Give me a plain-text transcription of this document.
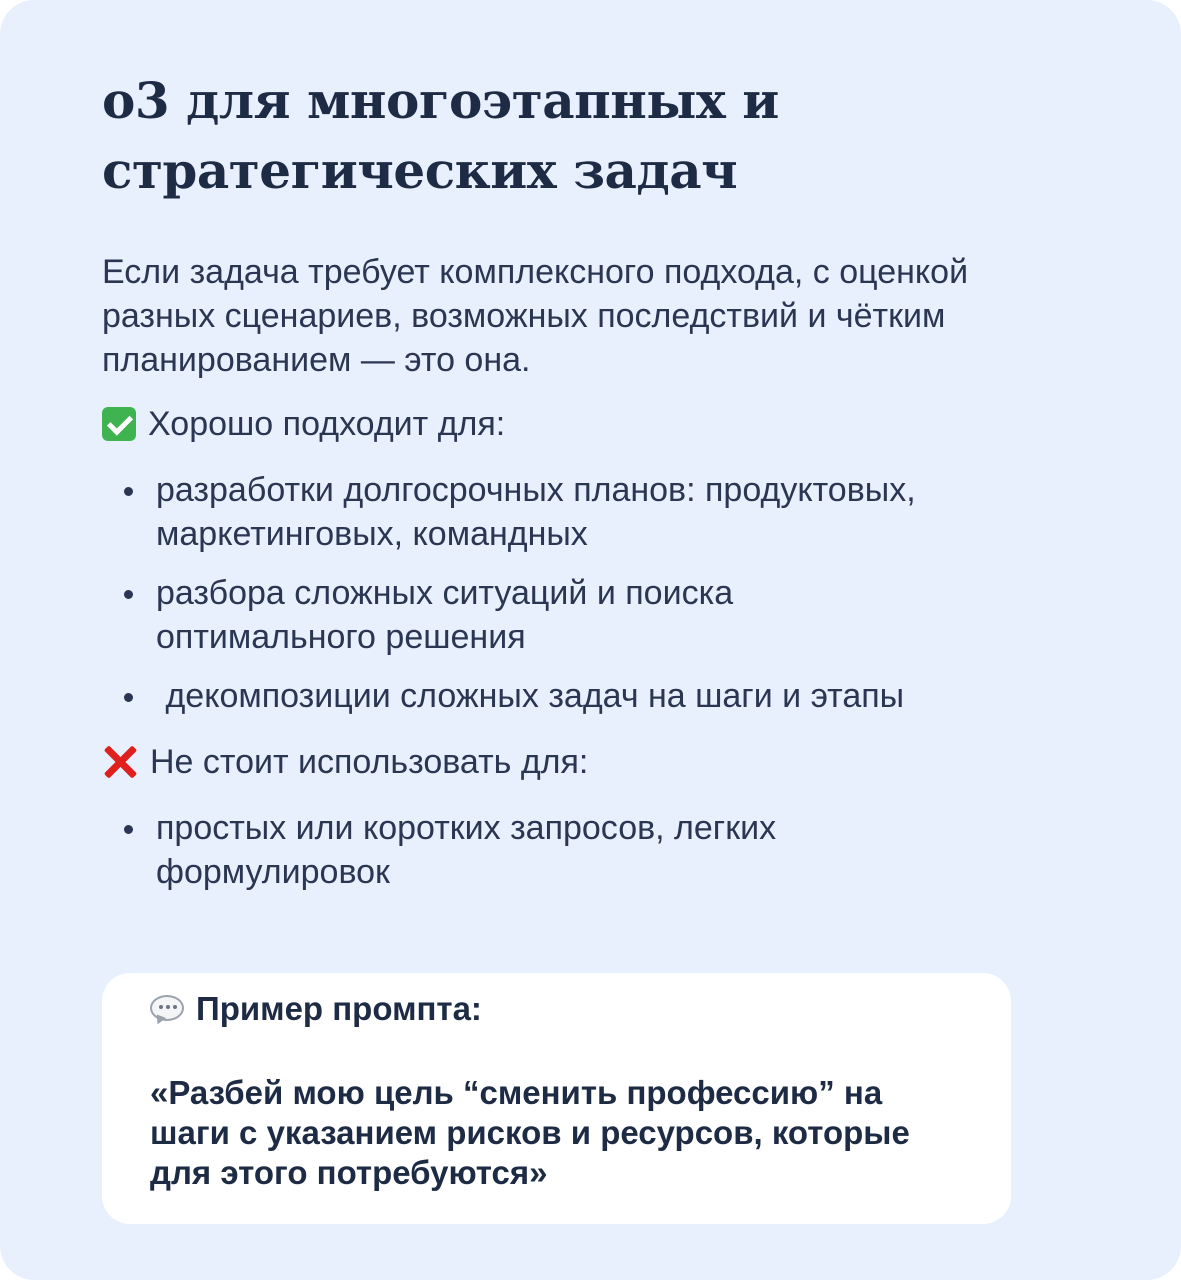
o3 для многоэтапных и стратегических задач

Если задача требует комплексного подхода, с оценкой разных сценариев, возможных последствий и чётким планированием — это она.

Хорошо подходит для:
разработки долгосрочных планов: продуктовых, маркетинговых, командных
разбора сложных ситуаций и поиска оптимального решения
декомпозиции сложных задач на шаги и этапы
Не стоит использовать для:
простых или коротких запросов, легких формулировок
Пример промпта:
«Разбей мою цель “сменить профессию” на шаги с указанием рисков и ресурсов, которые для этого потребуются»
